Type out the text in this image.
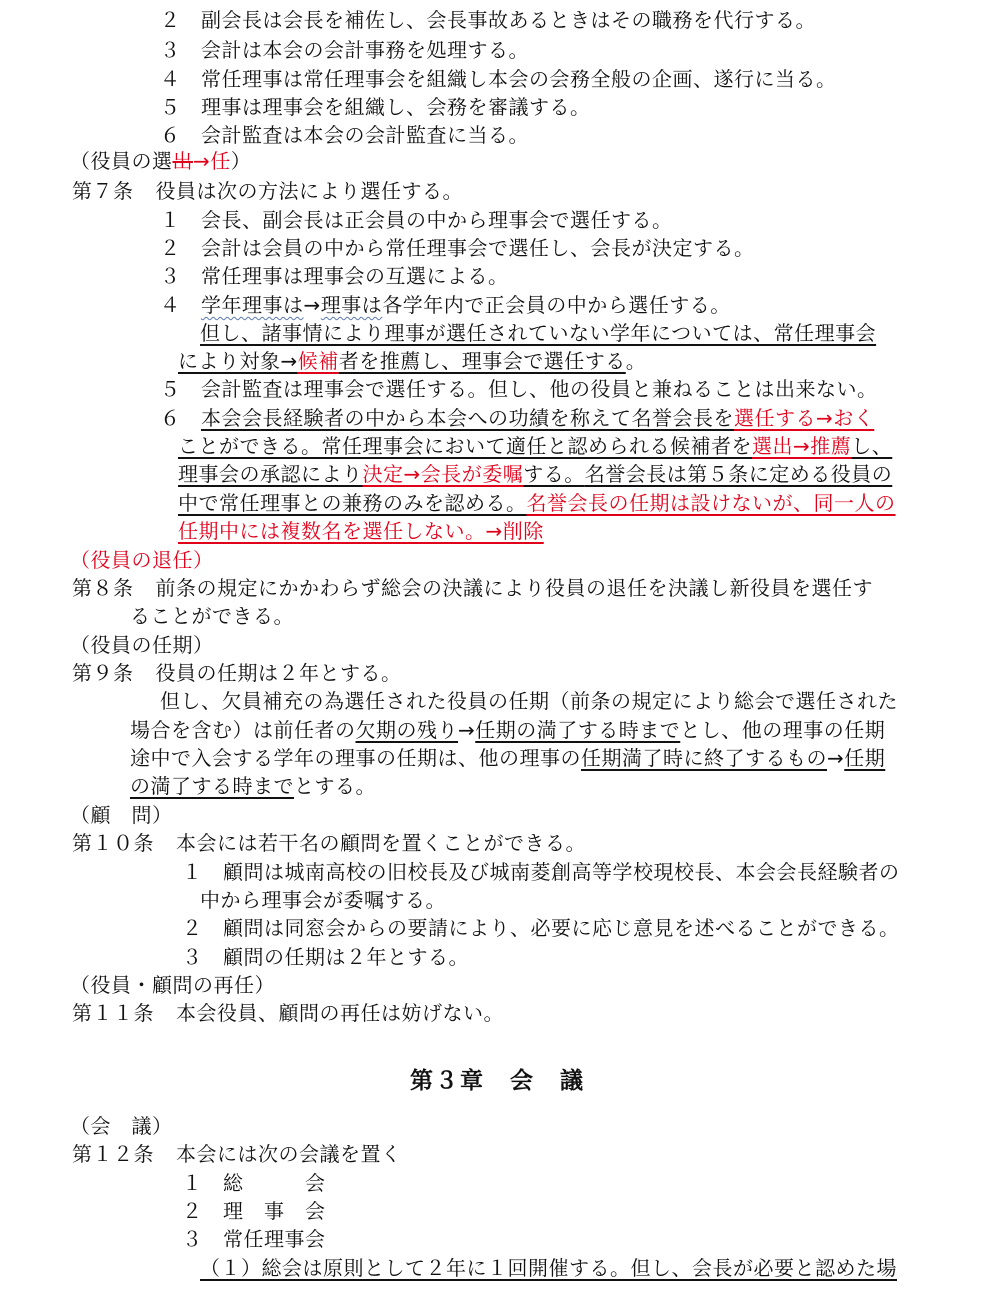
２　副会長は会長を補佐し、会長事故あるときはその職務を代行する。
３　会計は本会の会計事務を処理する。
４　常任理事は常任理事会を組織し本会の会務全般の企画、遂行に当る。
５　理事は理事会を組織し、会務を審議する。
６　会計監査は本会の会計監査に当る。
（役員の選出→任）
第７条 役員は次の方法により選任する。
１　会長、副会長は正会員の中から理事会で選任する。
２　会計は会員の中から常任理事会で選任し、会長が決定する。
３　常任理事は理事会の互選による。
４　学年理事は→理事は各学年内で正会員の中から選任する。
但し、諸事情により理事が選任されていない学年については、常任理事会
により対象→候補者を推薦し、理事会で選任する。
５　会計監査は理事会で選任する。但し、他の役員と兼ねることは出来ない。
６　本会会長経験者の中から本会への功績を称えて名誉会長を選任する→おく
ことができる。常任理事会において適任と認められる候補者を選出→推薦し、
理事会の承認により決定→会長が委嘱する。名誉会長は第５条に定める役員の
中で常任理事との兼務のみを認める。名誉会長の任期は設けないが、同一人の
任期中には複数名を選任しない。→削除
（役員の退任）
第８条 前条の規定にかかわらず総会の決議により役員の退任を決議し新役員を選任す
ることができる。
（役員の任期）
第９条 役員の任期は２年とする。
但し、欠員補充の為選任された役員の任期（前条の規定により総会で選任された
場合を含む）は前任者の欠期の残り→任期の満了する時までとし、他の理事の任期
途中で入会する学年の理事の任期は、他の理事の任期満了時に終了するもの→任期
の満了する時までとする。
（顧　問）
第１０条 本会には若干名の顧問を置くことができる。
１　顧問は城南高校の旧校長及び城南菱創高等学校現校長、本会会長経験者の
中から理事会が委嘱する。
２　顧問は同窓会からの要請により、必要に応じ意見を述べることができる。
３　顧問の任期は２年とする。
（役員・顧問の再任）
第１１条 本会役員、顧問の再任は妨げない。
第３章　会　議
（会　議）
第１２条 本会には次の会議を置く
１　総　　　会
２　理　事　会
３　常任理事会
（１）総会は原則として２年に１回開催する。但し、会長が必要と認めた場
